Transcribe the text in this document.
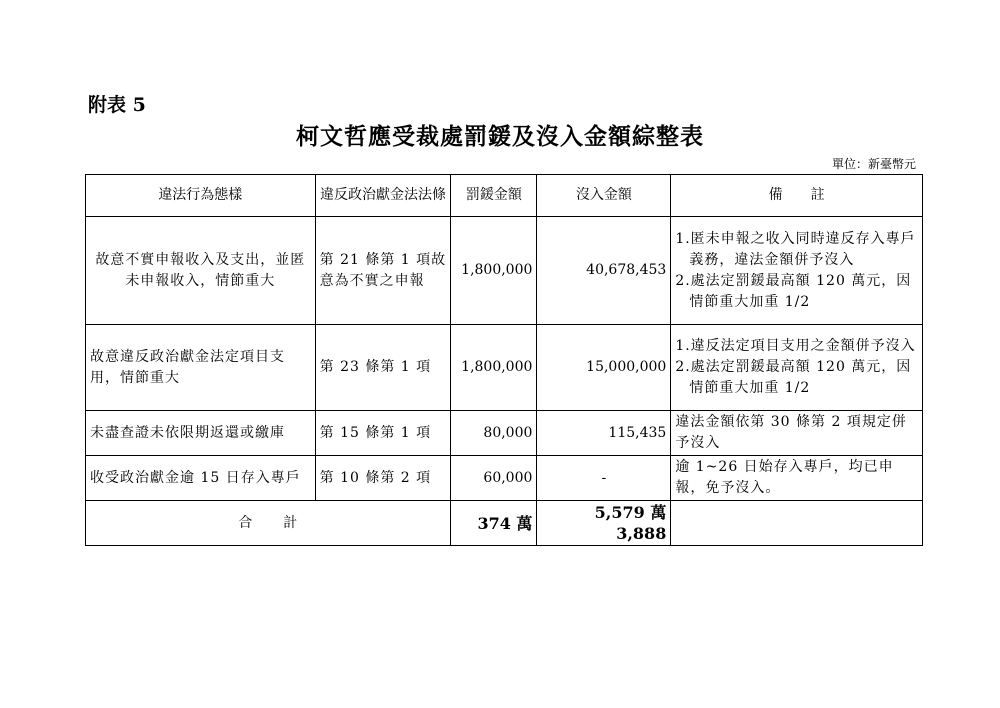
附表 5
柯文哲應受裁處罰鍰及沒入金額綜整表
單位：新臺幣元
違法行為態樣	違反政治獻金法法條	罰鍰金額	沒入金額	備　　註
故意不實申報收入及支出，並匿未申報收入，情節重大	第 21 條第 1 項故意為不實之申報	1,800,000	40,678,453	1.匿未申報之收入同時違反存入專戶義務，違法金額併予沒入
2.處法定罰鍰最高額 120 萬元，因情節重大加重 1/2

故意違反政治獻金法定項目支用，情節重大	第 23 條第 1 項	1,800,000	15,000,000	1.違反法定項目支用之金額併予沒入
2.處法定罰鍰最高額 120 萬元，因情節重大加重 1/2

未盡查證未依限期返還或繳庫	第 15 條第 1 項	80,000	115,435	違法金額依第 30 條第 2 項規定併予沒入
收受政治獻金逾 15 日存入專戶	第 10 條第 2 項	60,000	-	逾 1~26 日始存入專戶，均已申報，免予沒入。
合　　計		374 萬	5,579 萬 3,888	
